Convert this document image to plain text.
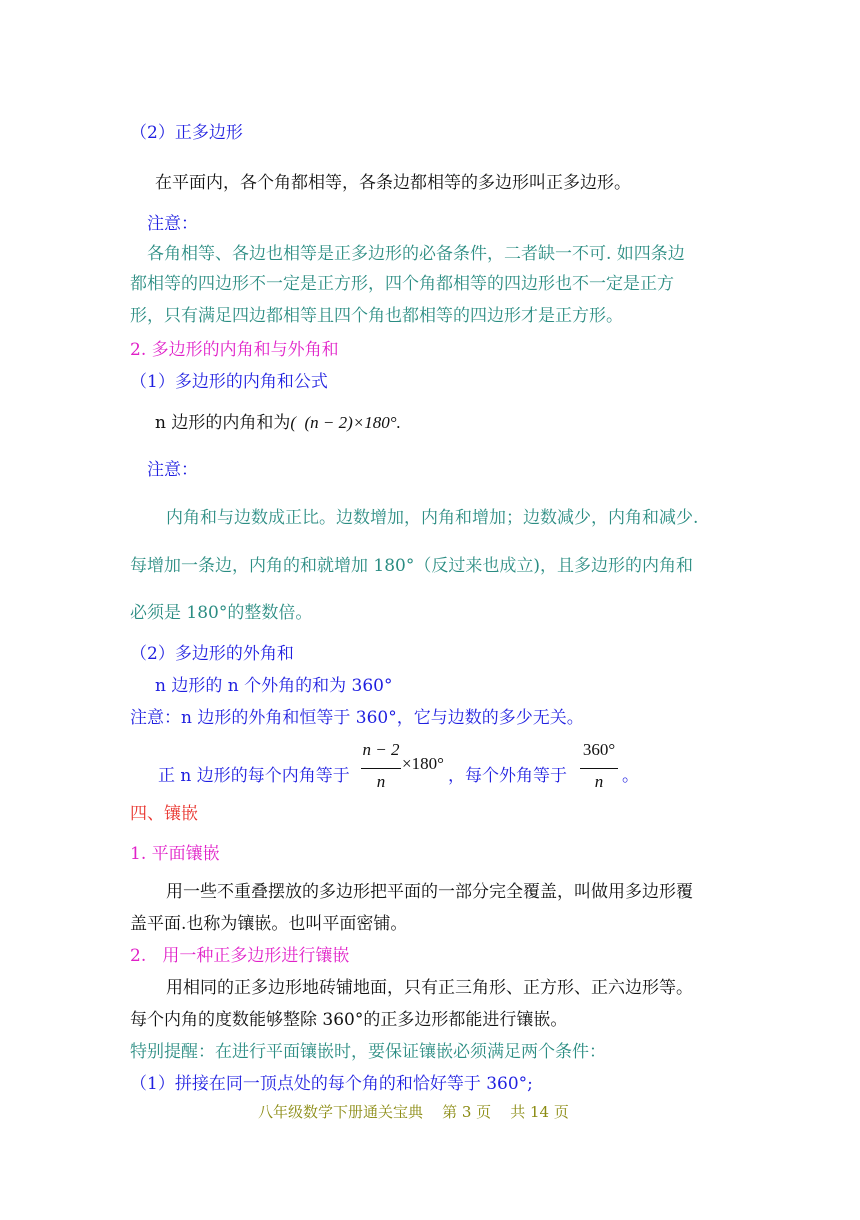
（2）正多边形
在平面内，各个角都相等，各条边都相等的多边形叫正多边形。
注意：
各角相等、各边也相等是正多边形的必备条件，二者缺一不可. 如四条边
都相等的四边形不一定是正方形，四个角都相等的四边形也不一定是正方
形，只有满足四边都相等且四个角也都相等的四边形才是正方形。
2. 多边形的内角和与外角和
（1）多边形的内角和公式
n 边形的内角和为(  (n − 2)×180°.
注意：
内角和与边数成正比。边数增加，内角和增加；边数减少，内角和减少.
每增加一条边，内角的和就增加 180°（反过来也成立)，且多边形的内角和
必须是 180°的整数倍。
（2）多边形的外角和
n 边形的 n 个外角的和为 360°
注意：n 边形的外角和恒等于 360°，它与边数的多少无关。
正 n 边形的每个内角等于
n − 2
n
×180°
，每个外角等于
360°
n	。
四、镶嵌
1. 平面镶嵌
用一些不重叠摆放的多边形把平面的一部分完全覆盖，叫做用多边形覆
盖平面.也称为镶嵌。也叫平面密铺。
2.   用一种正多边形进行镶嵌
用相同的正多边形地砖铺地面，只有正三角形、正方形、正六边形等。
每个内角的度数能够整除 360°的正多边形都能进行镶嵌。
特别提醒：在进行平面镶嵌时，要保证镶嵌必须满足两个条件：
（1）拼接在同一顶点处的每个角的和恰好等于 360°;
八年级数学下册通关宝典    第 3 页    共 14 页
